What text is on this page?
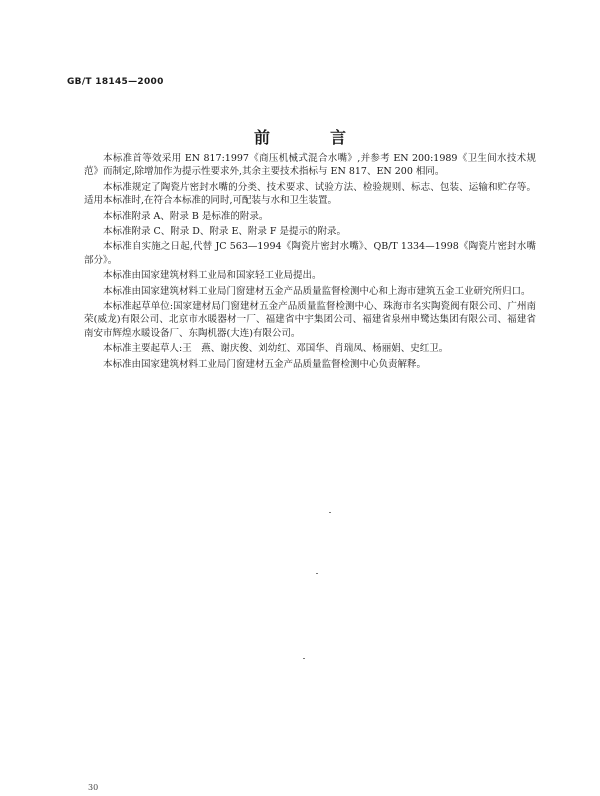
GB/T 18145—2000
前　言

本标准首等效采用 EN 817:1997《商压机械式混合水嘴》,并参考 EN 200:1989《卫生间水技术规范》而制定,除增加作为提示性要求外,其余主要技术指标与 EN 817、EN 200 相同。

本标准规定了陶瓷片密封水嘴的分类、技术要求、试验方法、检验规则、标志、包装、运输和贮存等。适用本标准时,在符合本标准的同时,可配装与水和卫生装置。

本标准附录 A、附录 B 是标准的附录。

本标准附录 C、附录 D、附录 E、附录 F 是提示的附录。

本标准自实施之日起,代替 JC 563—1994《陶瓷片密封水嘴》、QB/T 1334—1998《陶瓷片密封水嘴部分》。

本标准由国家建筑材料工业局和国家轻工业局提出。

本标准由国家建筑材料工业局门窗建材五金产品质量监督检测中心和上海市建筑五金工业研究所归口。

本标准起草单位:国家建材局门窗建材五金产品质量监督检测中心、珠海市名实陶瓷阀有限公司、广州南荣(威龙)有限公司、北京市水暖器材一厂、福建省中宇集团公司、福建省泉州申鹭达集团有限公司、福建省南安市辉煌水暖设备厂、东陶机器(大连)有限公司。

本标准主要起草人:王　燕、谢庆俊、刘幼红、邓国华、肖瑞凤、杨丽娟、史红卫。

本标准由国家建筑材料工业局门窗建材五金产品质量监督检测中心负责解释。

30
